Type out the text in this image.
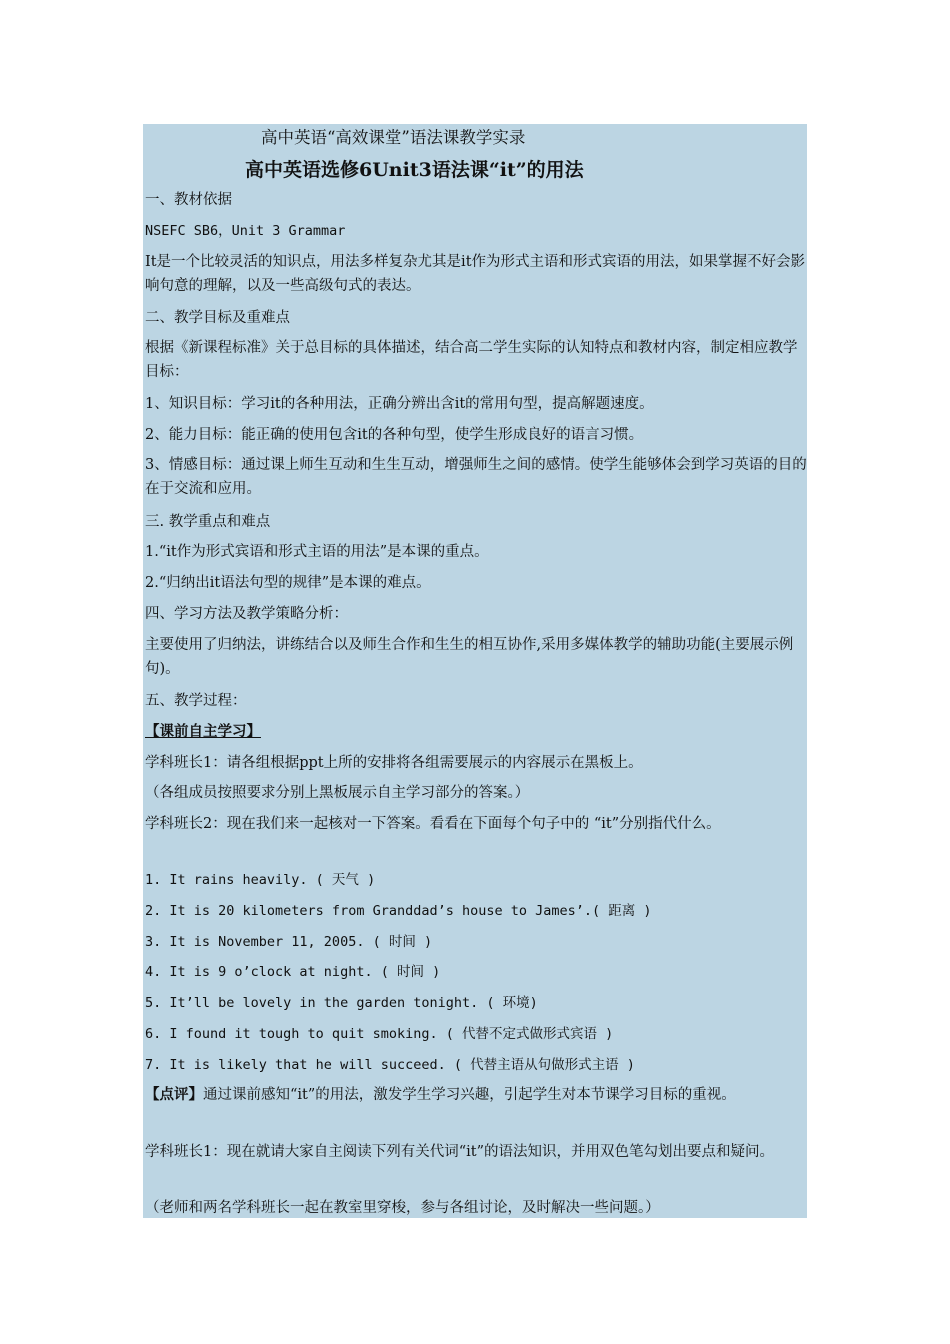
高中英语“高效课堂”语法课教学实录
高中英语选修6Unit3语法课“it”的用法
一、教材依据
NSEFC SB6，Unit 3 Grammar
It是一个比较灵活的知识点，用法多样复杂尤其是it作为形式主语和形式宾语的用法，如果掌握不好会影响句意的理解，以及一些高级句式的表达。
二、教学目标及重难点
根据《新课程标准》关于总目标的具体描述，结合高二学生实际的认知特点和教材内容，制定相应教学目标：
1、知识目标：学习it的各种用法，正确分辨出含it的常用句型，提高解题速度。
2、能力目标：能正确的使用包含it的各种句型，使学生形成良好的语言习惯。
3、情感目标：通过课上师生互动和生生互动，增强师生之间的感情。使学生能够体会到学习英语的目的在于交流和应用。
三. 教学重点和难点
1.“it作为形式宾语和形式主语的用法”是本课的重点。
2.“归纳出it语法句型的规律”是本课的难点。
四、学习方法及教学策略分析：
主要使用了归纳法，讲练结合以及师生合作和生生的相互协作,采用多媒体教学的辅助功能(主要展示例句)。
五、教学过程：
【课前自主学习】
学科班长1：请各组根据ppt上所的安排将各组需要展示的内容展示在黑板上。
（各组成员按照要求分别上黑板展示自主学习部分的答案。）
学科班长2：现在我们来一起核对一下答案。看看在下面每个句子中的 “it”分别指代什么。
1. It rains heavily. ( 天气 )
2. It is 20 kilometers from Granddad’s house to James’.( 距离 )
3. It is November 11, 2005. ( 时间 )
4. It is 9 o’clock at night. ( 时间 )
5. It’ll be lovely in the garden tonight. ( 环境)
6. I found it tough to quit smoking. ( 代替不定式做形式宾语 )
7. It is likely that he will succeed. ( 代替主语从句做形式主语 )
【点评】通过课前感知“it”的用法，激发学生学习兴趣，引起学生对本节课学习目标的重视。
学科班长1：现在就请大家自主阅读下列有关代词“it”的语法知识，并用双色笔勾划出要点和疑问。
（老师和两名学科班长一起在教室里穿梭，参与各组讨论，及时解决一些问题。）
